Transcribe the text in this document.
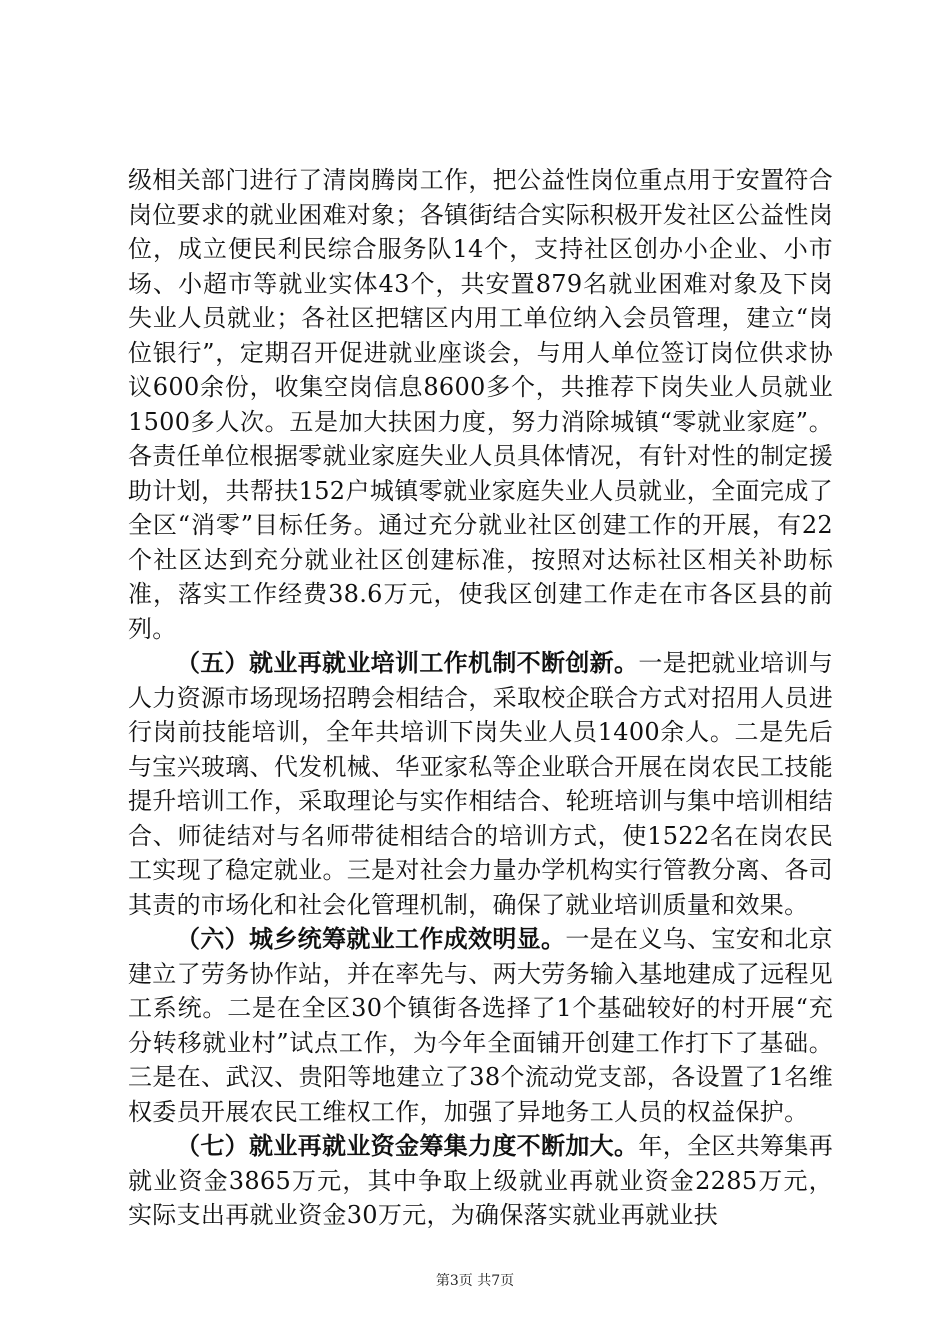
级相关部门进行了清岗腾岗工作，把公益性岗位重点用于安置符合岗位要求的就业困难对象；各镇街结合实际积极开发社区公益性岗位，成立便民利民综合服务队14个，支持社区创办小企业、小市场、小超市等就业实体43个，共安置879名就业困难对象及下岗失业人员就业；各社区把辖区内用工单位纳入会员管理，建立“岗位银行”，定期召开促进就业座谈会，与用人单位签订岗位供求协议600余份，收集空岗信息8600多个，共推荐下岗失业人员就业1500多人次。五是加大扶困力度，努力消除城镇“零就业家庭”。各责任单位根据零就业家庭失业人员具体情况，有针对性的制定援助计划，共帮扶152户城镇零就业家庭失业人员就业，全面完成了全区“消零”目标任务。通过充分就业社区创建工作的开展，有22个社区达到充分就业社区创建标准，按照对达标社区相关补助标准，落实工作经费38.6万元，使我区创建工作走在市各区县的前列。

（五）就业再就业培训工作机制不断创新。一是把就业培训与人力资源市场现场招聘会相结合，采取校企联合方式对招用人员进行岗前技能培训，全年共培训下岗失业人员1400余人。二是先后与宝兴玻璃、代发机械、华亚家私等企业联合开展在岗农民工技能提升培训工作，采取理论与实作相结合、轮班培训与集中培训相结合、师徒结对与名师带徒相结合的培训方式，使1522名在岗农民工实现了稳定就业。三是对社会力量办学机构实行管教分离、各司其责的市场化和社会化管理机制，确保了就业培训质量和效果。

（六）城乡统筹就业工作成效明显。一是在义乌、宝安和北京建立了劳务协作站，并在率先与、两大劳务输入基地建成了远程见工系统。二是在全区30个镇街各选择了1个基础较好的村开展“充分转移就业村”试点工作，为今年全面铺开创建工作打下了基础。三是在、武汉、贵阳等地建立了38个流动党支部，各设置了1名维权委员开展农民工维权工作，加强了异地务工人员的权益保护。

（七）就业再就业资金筹集力度不断加大。年，全区共筹集再就业资金3865万元，其中争取上级就业再就业资金2285万元，实际支出再就业资金30万元，为确保落实就业再就业扶

第3页 共7页
